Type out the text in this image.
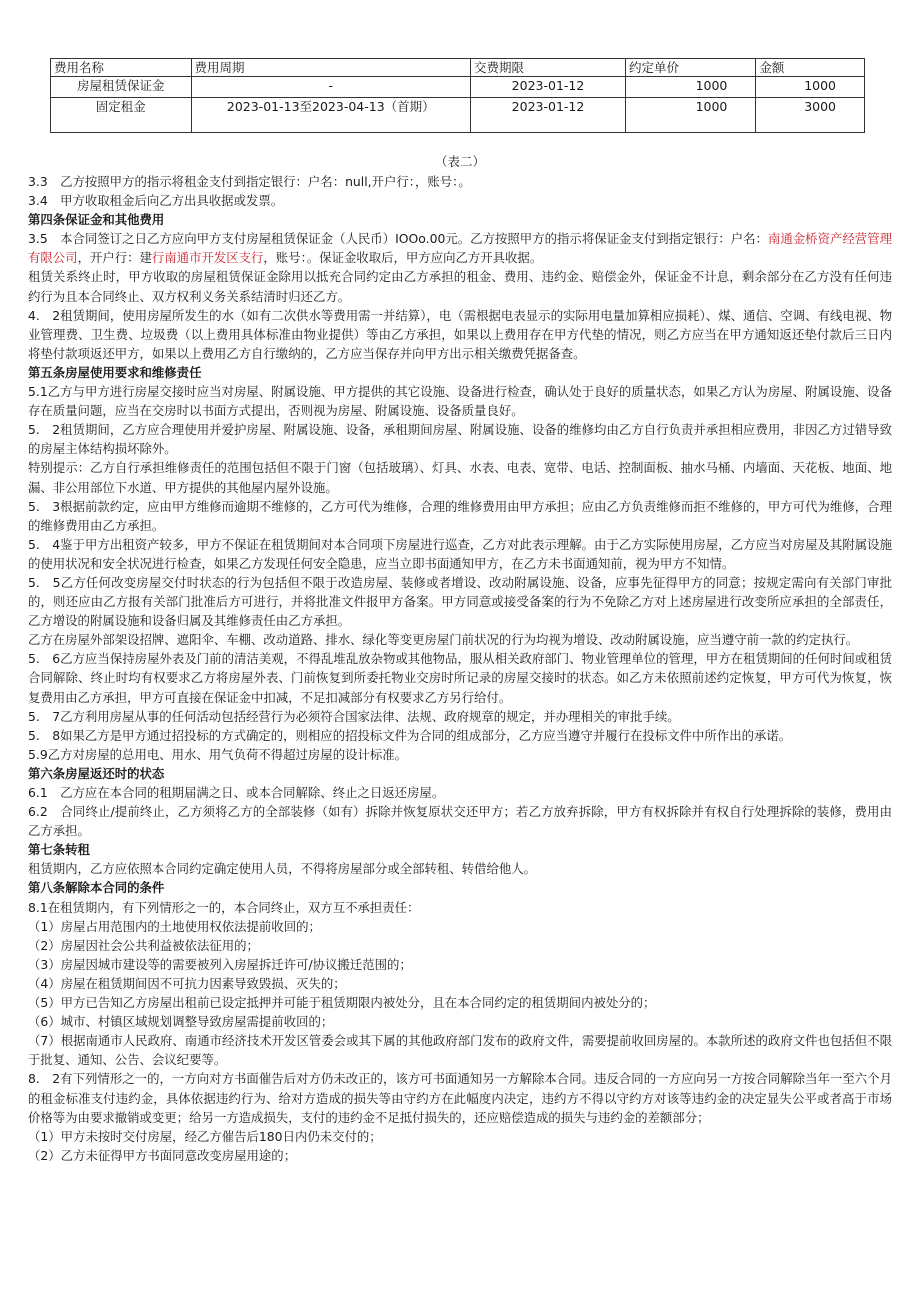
费用名称	费用周期	交费期限	约定单价	金额
房屋租赁保证金	-	2023-01-12	1000	1000
固定租金	2023-01-13至2023-04-13（首期）	2023-01-12	1000	3000
（表二）

3.3　乙方按照甲方的指示将租金支付到指定银行：户名：null,开户行：，账号：。

3.4　甲方收取租金后向乙方出具收据或发票。

第四条保证金和其他费用

3.5　本合同签订之日乙方应向甲方支付房屋租赁保证金（人民币）IOOo.00元。乙方按照甲方的指示将保证金支付到指定银行：户名：南通金桥资产经营管理有限公司，开户行：建行南通市开发区支行，账号：。保证金收取后，甲方应向乙方开具收据。

租赁关系终止时，甲方收取的房屋租赁保证金除用以抵充合同约定由乙方承担的租金、费用、违约金、赔偿金外，保证金不计息，剩余部分在乙方没有任何违约行为且本合同终止、双方权利义务关系结清时归还乙方。

4.　2租赁期间，使用房屋所发生的水（如有二次供水等费用需一并结算），电（需根据电表显示的实际用电量加算相应损耗）、煤、通信、空调、有线电视、物业管理费、卫生费、垃圾费（以上费用具体标准由物业提供）等由乙方承担，如果以上费用存在甲方代垫的情况，则乙方应当在甲方通知返还垫付款后三日内将垫付款项返还甲方，如果以上费用乙方自行缴纳的，乙方应当保存并向甲方出示相关缴费凭据备查。

第五条房屋使用要求和维修责任

5.1乙方与甲方进行房屋交接时应当对房屋、附属设施、甲方提供的其它设施、设备进行检查，确认处于良好的质量状态，如果乙方认为房屋、附属设施、设备存在质量问题，应当在交房时以书面方式提出，否则视为房屋、附属设施、设备质量良好。

5.　2租赁期间，乙方应合理使用并爱护房屋、附属设施、设备，承租期间房屋、附属设施、设备的维修均由乙方自行负责并承担相应费用，非因乙方过错导致的房屋主体结构损坏除外。

特别提示：乙方自行承担维修责任的范围包括但不限于门窗（包括玻璃）、灯具、水表、电表、宽带、电话、控制面板、抽水马桶、内墙面、天花板、地面、地漏、非公用部位下水道、甲方提供的其他屋内屋外设施。

5.　3根据前款约定，应由甲方维修而逾期不维修的，乙方可代为维修，合理的维修费用由甲方承担；应由乙方负责维修而拒不维修的，甲方可代为维修，合理的维修费用由乙方承担。

5.　4鉴于甲方出租资产较多，甲方不保证在租赁期间对本合同项下房屋进行巡查，乙方对此表示理解。由于乙方实际使用房屋，乙方应当对房屋及其附属设施的使用状况和安全状况进行检查，如果乙方发现任何安全隐患，应当立即书面通知甲方，在乙方未书面通知前，视为甲方不知情。

5.　5乙方任何改变房屋交付时状态的行为包括但不限于改造房屋、装修或者增设、改动附属设施、设备，应事先征得甲方的同意；按规定需向有关部门审批的，则还应由乙方报有关部门批准后方可进行，并将批准文件报甲方备案。甲方同意或接受备案的行为不免除乙方对上述房屋进行改变所应承担的全部责任，乙方增设的附属设施和设备归属及其维修责任由乙方承担。

乙方在房屋外部架设招牌、遮阳伞、车棚、改动道路、排水、绿化等变更房屋门前状况的行为均视为增设、改动附属设施，应当遵守前一款的约定执行。

5.　6乙方应当保持房屋外表及门前的清洁美观，不得乱堆乱放杂物或其他物品，服从相关政府部门、物业管理单位的管理，甲方在租赁期间的任何时间或租赁合同解除、终止时均有权要求乙方将房屋外表、门前恢复到所委托物业交房时所记录的房屋交接时的状态。如乙方未依照前述约定恢复，甲方可代为恢复，恢复费用由乙方承担，甲方可直接在保证金中扣减，不足扣减部分有权要求乙方另行给付。

5.　7乙方利用房屋从事的任何活动包括经营行为必须符合国家法律、法规、政府规章的规定，并办理相关的审批手续。

5.　8如果乙方是甲方通过招投标的方式确定的，则相应的招投标文件为合同的组成部分，乙方应当遵守并履行在投标文件中所作出的承诺。

5.9乙方对房屋的总用电、用水、用气负荷不得超过房屋的设计标准。

第六条房屋返还时的状态

6.1　乙方应在本合同的租期届满之日、或本合同解除、终止之日返还房屋。

6.2　合同终止/提前终止，乙方须将乙方的全部装修（如有）拆除并恢复原状交还甲方；若乙方放弃拆除，甲方有权拆除并有权自行处理拆除的装修，费用由乙方承担。

第七条转租

租赁期内，乙方应依照本合同约定确定使用人员，不得将房屋部分或全部转租、转借给他人。

第八条解除本合同的条件

8.1在租赁期内，有下列情形之一的，本合同终止，双方互不承担责任：

（1）房屋占用范围内的土地使用权依法提前收回的；

（2）房屋因社会公共利益被依法征用的；

（3）房屋因城市建设等的需要被列入房屋拆迁许可/协议搬迁范围的；

（4）房屋在租赁期间因不可抗力因素导致毁损、灭失的；

（5）甲方已告知乙方房屋出租前已设定抵押并可能于租赁期限内被处分，且在本合同约定的租赁期间内被处分的；

（6）城市、村镇区域规划调整导致房屋需提前收回的；

（7）根据南通市人民政府、南通市经济技术开发区管委会或其下属的其他政府部门发布的政府文件，需要提前收回房屋的。本款所述的政府文件也包括但不限于批复、通知、公告、会议纪要等。

8.　2有下列情形之一的，一方向对方书面催告后对方仍未改正的，该方可书面通知另一方解除本合同。违反合同的一方应向另一方按合同解除当年一至六个月的租金标准支付违约金，具体依据违约行为、给对方造成的损失等由守约方在此幅度内决定，违约方不得以守约方对该等违约金的决定显失公平或者高于市场价格等为由要求撤销或变更；给另一方造成损失，支付的违约金不足抵付损失的，还应赔偿造成的损失与违约金的差额部分；

（1）甲方未按时交付房屋，经乙方催告后180日内仍未交付的；

（2）乙方未征得甲方书面同意改变房屋用途的；
